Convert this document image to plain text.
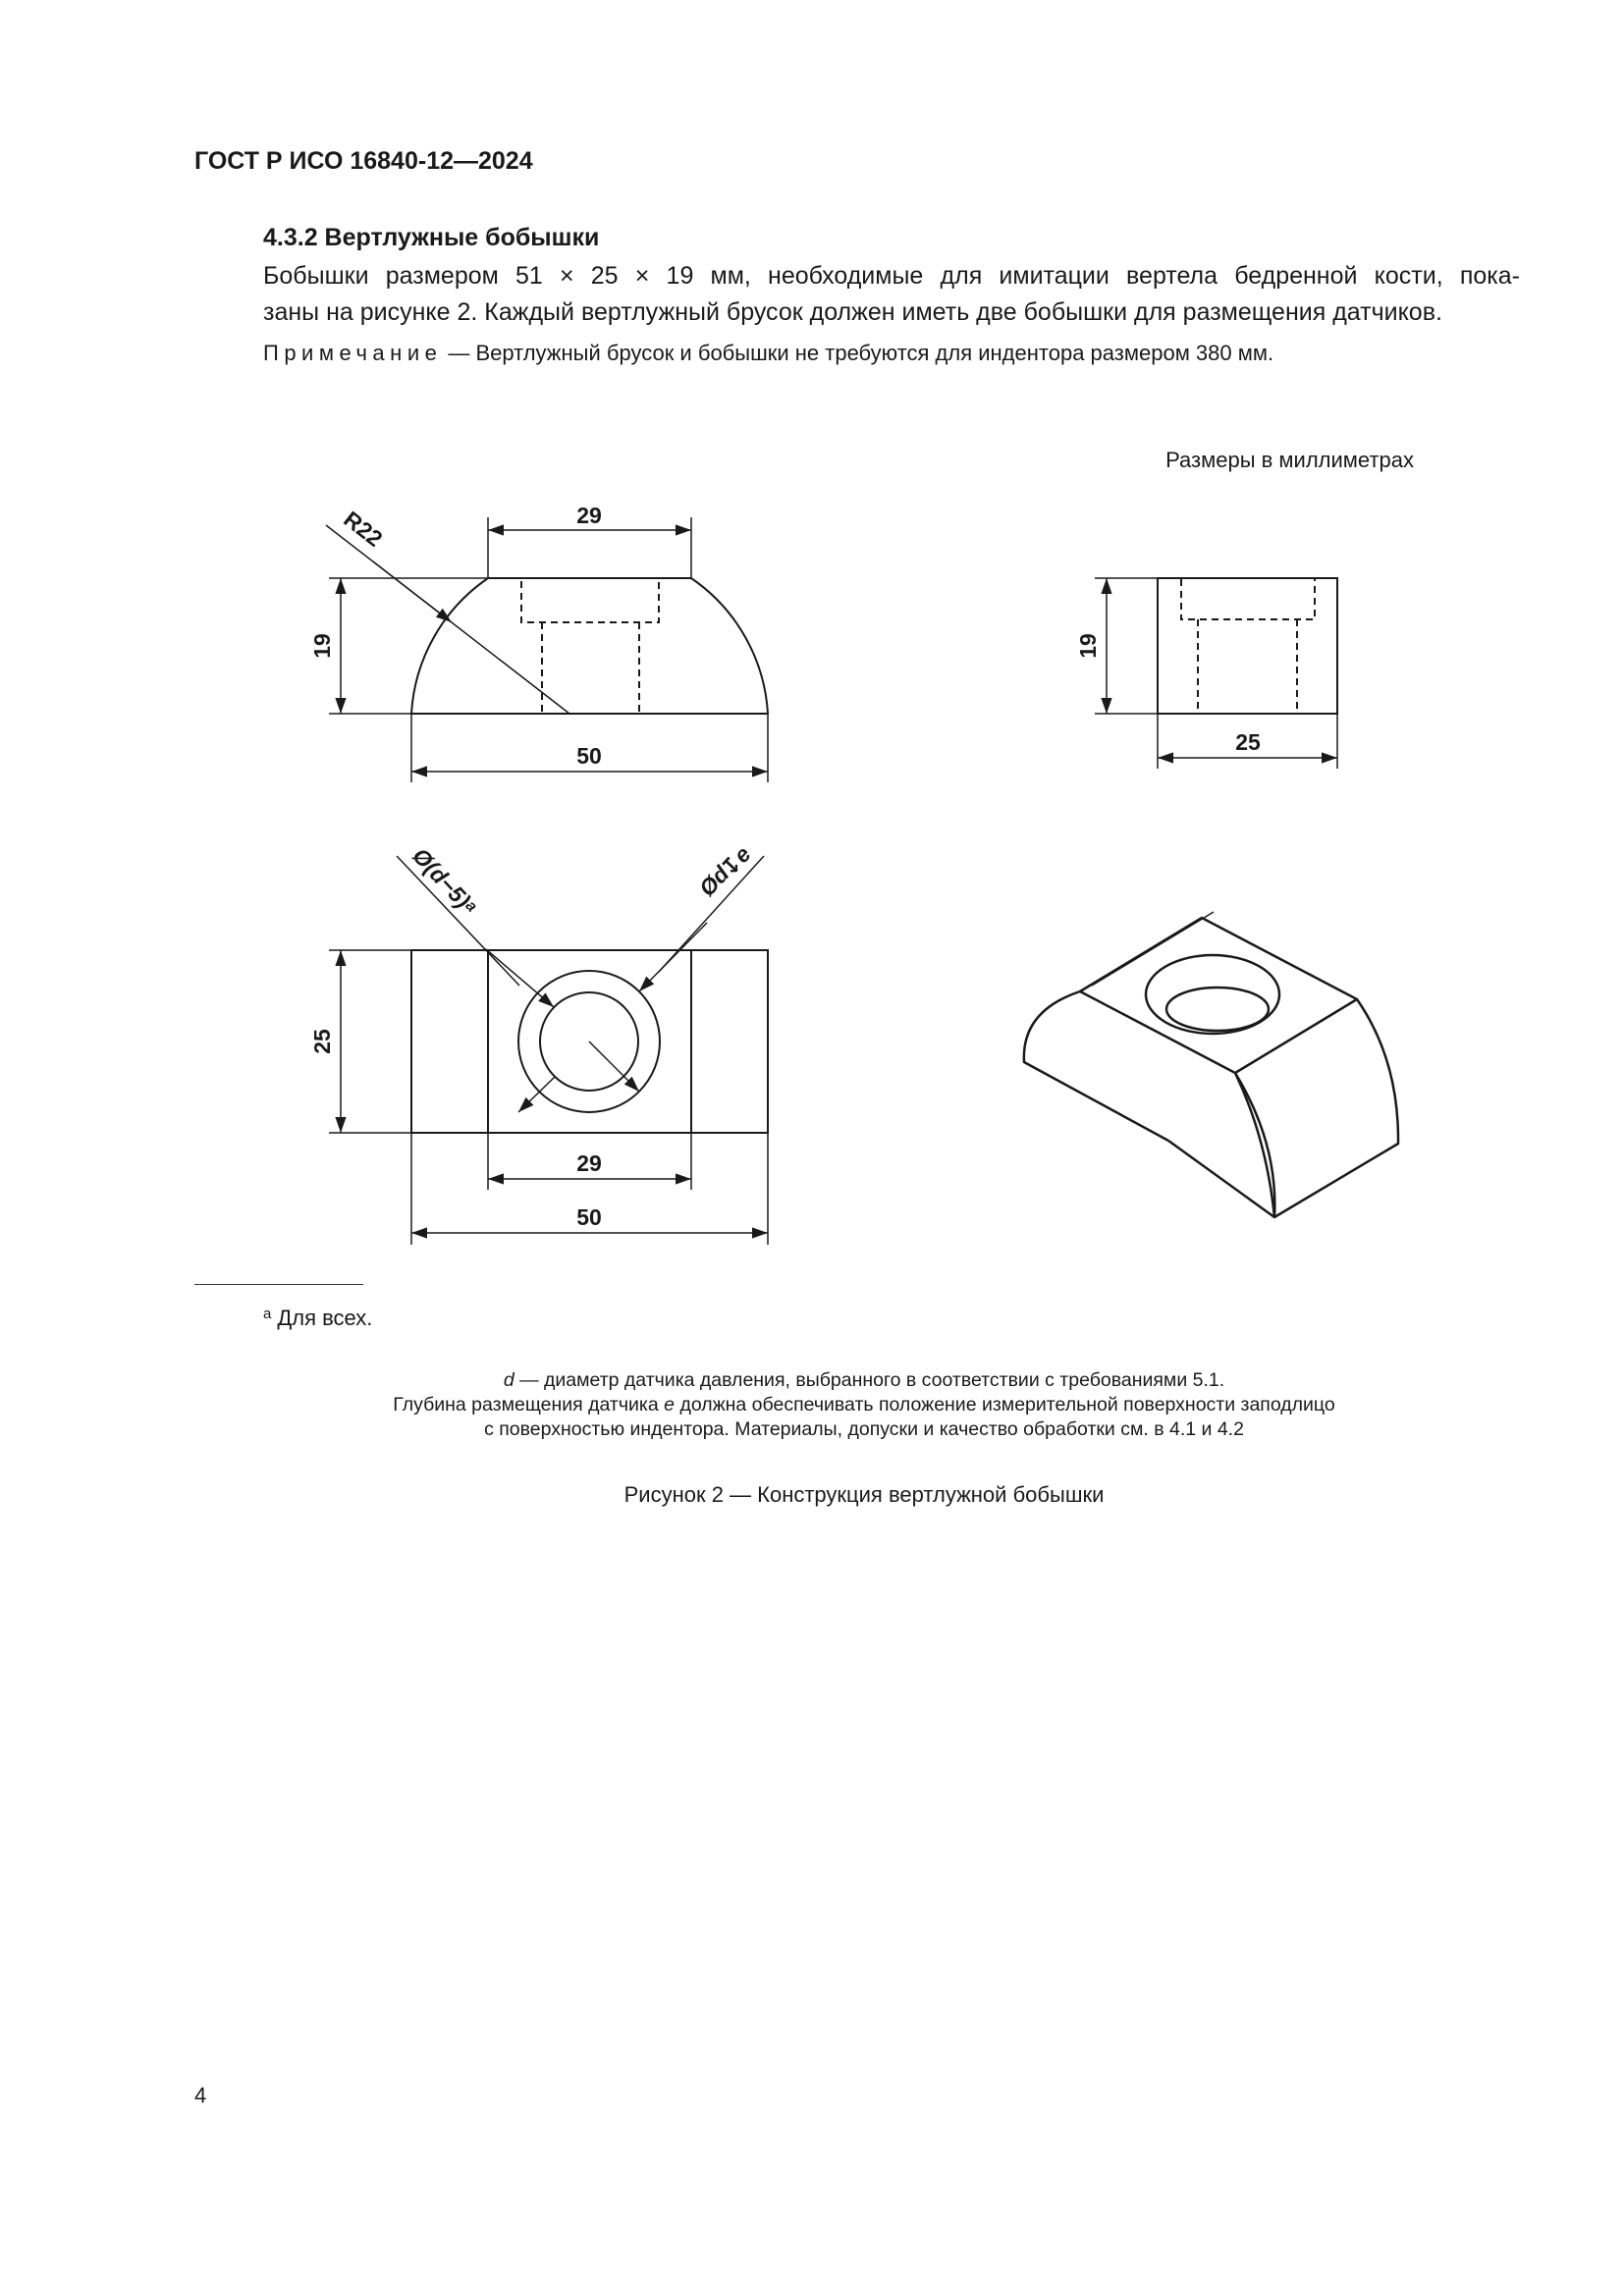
ГОСТ Р ИСО 16840-12—2024
4.3.2 Вертлужные бобышки
Бобышки размером 51 × 25 × 19 мм, необходимые для имитации вертела бедренной кости, пока-
заны на рисунке 2. Каждый вертлужный брусок должен иметь две бобышки для размещения датчиков.
Примечание — Вертлужный брусок и бобышки не требуются для индентора размером 380 мм.
Размеры в миллиметрах
29
19
R22
50
19
25
Ø(d−5)ᵃ	Ød
↧e
25
29
50
$^a$ Для всех.
d — диаметр датчика давления, выбранного в соответствии с требованиями 5.1.
Глубина размещения датчика e должна обеспечивать положение измерительной поверхности заподлицо
с поверхностью индентора. Материалы, допуски и качество обработки см. в 4.1 и 4.2
Рисунок 2 — Конструкция вертлужной бобышки
4
